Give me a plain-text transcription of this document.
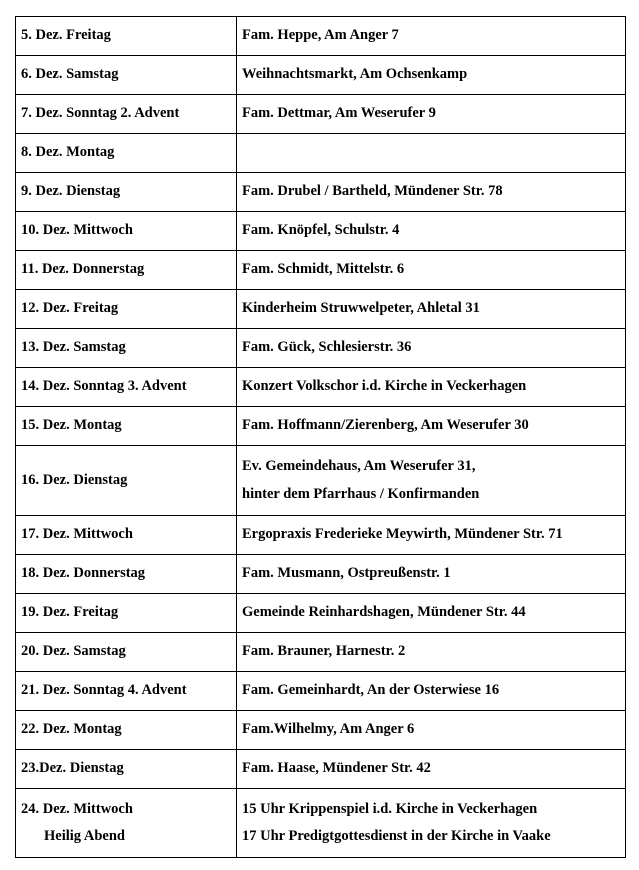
5. Dez. Freitag	Fam. Heppe, Am Anger 7
6. Dez. Samstag	Weihnachtsmarkt, Am Ochsenkamp
7. Dez. Sonntag 2. Advent	Fam. Dettmar, Am Weserufer 9
8. Dez. Montag	
9. Dez. Dienstag	Fam. Drubel / Bartheld, Mündener Str. 78
10. Dez. Mittwoch	Fam. Knöpfel, Schulstr. 4
11. Dez. Donnerstag	Fam. Schmidt, Mittelstr. 6
12. Dez. Freitag	Kinderheim Struwwelpeter, Ahletal 31
13. Dez. Samstag	Fam. Gück, Schlesierstr. 36
14. Dez. Sonntag 3. Advent	Konzert Volkschor i.d. Kirche in Veckerhagen
15. Dez. Montag	Fam. Hoffmann/Zierenberg, Am Weserufer 30
16. Dez. Dienstag	Ev. Gemeindehaus, Am Weserufer 31,
hinter dem Pfarrhaus / Konfirmanden

17. Dez. Mittwoch	Ergopraxis Frederieke Meywirth, Mündener Str. 71
18. Dez. Donnerstag	Fam. Musmann, Ostpreußenstr. 1
19. Dez. Freitag	Gemeinde Reinhardshagen, Mündener Str. 44
20. Dez. Samstag	Fam. Brauner, Harnestr. 2
21. Dez. Sonntag 4. Advent	Fam. Gemeinhardt, An der Osterwiese 16
22. Dez. Montag	Fam.Wilhelmy, Am Anger 6
23.Dez. Dienstag	Fam. Haase, Mündener Str. 42

24. Dez. Mittwoch
Heilig Abend	15 Uhr Krippenspiel i.d. Kirche in Veckerhagen
17 Uhr Predigtgottesdienst in der Kirche in Vaake
